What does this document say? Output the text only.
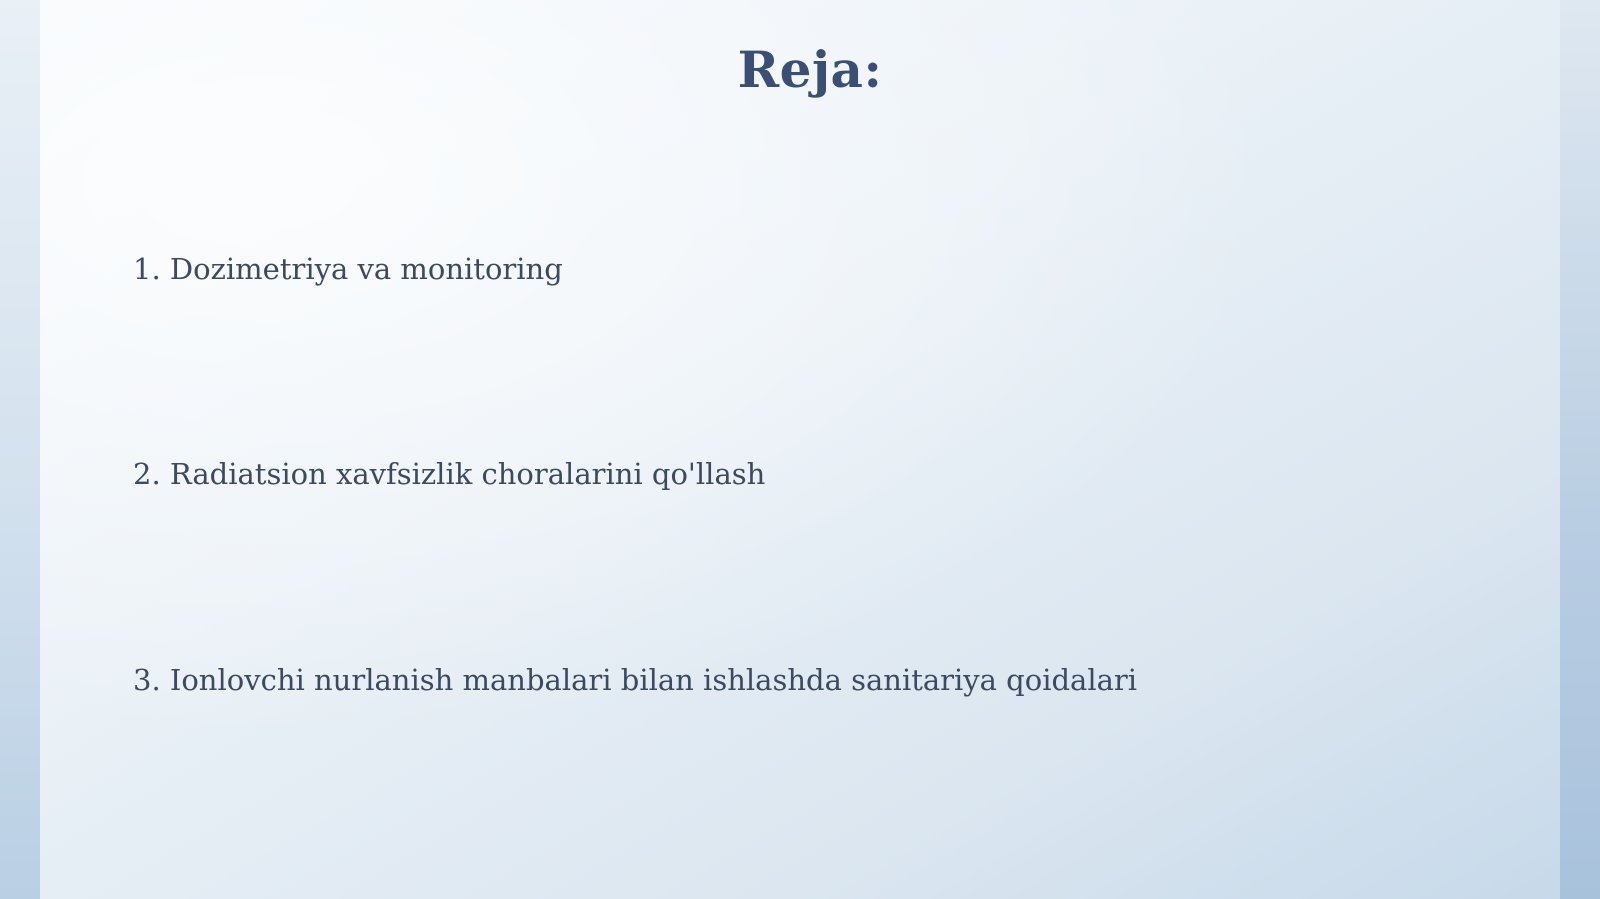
Reja:
1. Dozimetriya va monitoring
2. Radiatsion xavfsizlik choralarini qo'llash
3. Ionlovchi nurlanish manbalari bilan ishlashda sanitariya qoidalari
